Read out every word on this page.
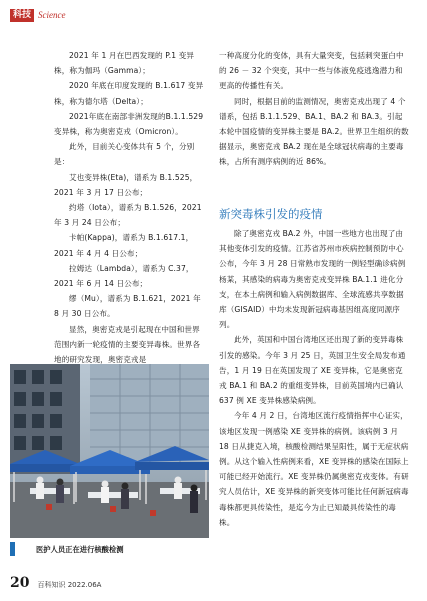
科技 Science

2021 年 1 月在巴西发现的 P.1 变异株，称为伽玛（Gamma）；

2020 年底在印度发现的 B.1.617 变异株，称为德尔塔（Delta）；

2021年底在南部非洲发现的B.1.1.529变异株，称为奥密克戎（Omicron）。

此外，目前关心变体共有 5 个，分别是：

艾也变异株(Eta)，谱系为 B.1.525，2021 年 3 月 17 日公布；

约塔（Iota），谱系为 B.1.526，2021 年 3 月 24 日公布；

卡帕(Kappa)，谱系为 B.1.617.1，2021 年 4 月 4 日公布；

拉姆达（Lambda），谱系为 C.37，2021 年 6 月 14 日公布；

缪（Mu），谱系为 B.1.621，2021 年 8 月 30 日公布。

显然，奥密克戎是引起现在中国和世界范围内新一轮疫情的主要变异毒株。世界各地的研究发现，奥密克戎是

一种高度分化的变体，具有大量突变，包括刺突蛋白中的 26 － 32 个突变，其中一些与体液免疫逃逸潜力和更高的传播性有关。

同时，根据目前的监测情况，奥密克戎出现了 4 个谱系，包括 B.1.1.529、BA.1、BA.2 和 BA.3。引起本轮中国疫情的变异株主要是 BA.2。世界卫生组织的数据显示，奥密克戎 BA.2 现在是全球冠状病毒的主要毒株，占所有测序病例的近 86%。

新突毒株引发的疫情

除了奥密克戎 BA.2 外，中国一些地方也出现了由其他变体引发的疫情。江苏省苏州市疾病控制预防中心公布，今年 3 月 28 日常熟市发现的一例轻型确诊病例杨某，其感染的病毒为奥密克戎变异株 BA.1.1 进化分支，在本土病例和输入病例数据库、全球流感共享数据库（GISAID）中均未发现新冠病毒基因组高度同源序列。

此外，英国和中国台湾地区还出现了新的变异毒株引发的感染。今年 3 月 25 日，英国卫生安全局发布通告，1 月 19 日在英国发现了 XE 变异株，它是奥密克戎 BA.1 和 BA.2 的重组变异株，目前英国境内已确认 637 例 XE 变异株感染病例。

今年 4 月 2 日，台湾地区流行疫情指挥中心证实，该地区发现一例感染 XE 变异株的病例。该病例 3 月 18 日从捷克入境，核酸检测结果呈阳性，属于无症状病例。从这个输入性病例来看，XE 变异株的感染在国际上可能已经开始流行。XE 变异株仍属奥密克戎变体。有研究人员估计，XE 变异株的新突变体可能比任何新冠病毒毒株都更具传染性，是迄今为止已知最具传染性的毒株。

医护人员正在进行核酸检测
20 百科知识 2022.06A
